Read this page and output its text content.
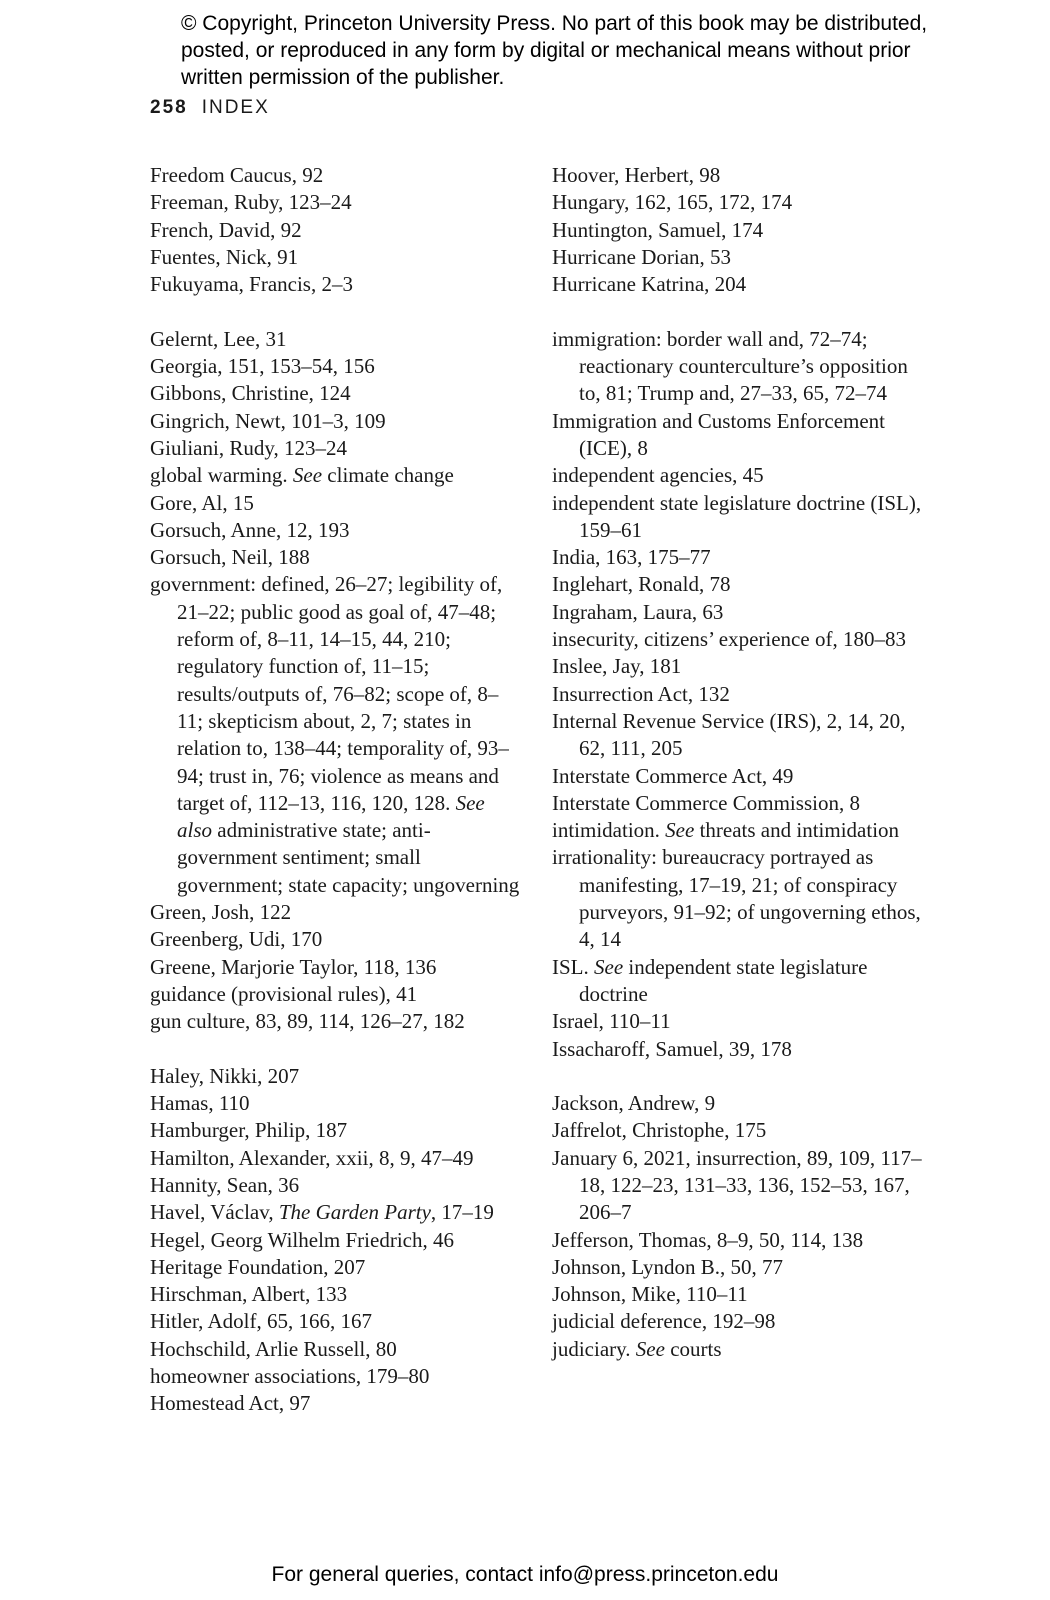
© Copyright, Princeton University Press. No part of this book may be distributed, posted, or reproduced in any form by digital or mechanical means without prior written permission of the publisher.
258 INDEX

Freedom Caucus, 92

Freeman, Ruby, 123–24

French, David, 92

Fuentes, Nick, 91

Fukuyama, Francis, 2–3

Gelernt, Lee, 31

Georgia, 151, 153–54, 156

Gibbons, Christine, 124

Gingrich, Newt, 101–3, 109

Giuliani, Rudy, 123–24

global warming. See climate change

Gore, Al, 15

Gorsuch, Anne, 12, 193

Gorsuch, Neil, 188

government: defined, 26–27; legibility of, 21–22; public good as goal of, 47–48; reform of, 8–11, 14–15, 44, 210; regulatory function of, 11–15; results/outputs of, 76–82; scope of, 8–11; skepticism about, 2, 7; states in relation to, 138–44; temporality of, 93–94; trust in, 76; violence as means and target of, 112–13, 116, 120, 128. See also administrative state; anti-government sentiment; small government; state capacity; ungoverning

Green, Josh, 122

Greenberg, Udi, 170

Greene, Marjorie Taylor, 118, 136

guidance (provisional rules), 41

gun culture, 83, 89, 114, 126–27, 182

Haley, Nikki, 207

Hamas, 110

Hamburger, Philip, 187

Hamilton, Alexander, xxii, 8, 9, 47–49

Hannity, Sean, 36

Havel, Václav, The Garden Party, 17–19

Hegel, Georg Wilhelm Friedrich, 46

Heritage Foundation, 207

Hirschman, Albert, 133

Hitler, Adolf, 65, 166, 167

Hochschild, Arlie Russell, 80

homeowner associations, 179–80

Homestead Act, 97

Hoover, Herbert, 98

Hungary, 162, 165, 172, 174

Huntington, Samuel, 174

Hurricane Dorian, 53

Hurricane Katrina, 204

immigration: border wall and, 72–74; reactionary counterculture’s opposition to, 81; Trump and, 27–33, 65, 72–74

Immigration and Customs Enforcement (ICE), 8

independent agencies, 45

independent state legislature doctrine (ISL), 159–61

India, 163, 175–77

Inglehart, Ronald, 78

Ingraham, Laura, 63

insecurity, citizens’ experience of, 180–83

Inslee, Jay, 181

Insurrection Act, 132

Internal Revenue Service (IRS), 2, 14, 20, 62, 111, 205

Interstate Commerce Act, 49

Interstate Commerce Commission, 8

intimidation. See threats and intimidation

irrationality: bureaucracy portrayed as manifesting, 17–19, 21; of conspiracy purveyors, 91–92; of ungoverning ethos, 4, 14

ISL. See independent state legislature doctrine

Israel, 110–11

Issacharoff, Samuel, 39, 178

Jackson, Andrew, 9

Jaffrelot, Christophe, 175

January 6, 2021, insurrection, 89, 109, 117–18, 122–23, 131–33, 136, 152–53, 167, 206–7

Jefferson, Thomas, 8–9, 50, 114, 138

Johnson, Lyndon B., 50, 77

Johnson, Mike, 110–11

judicial deference, 192–98

judiciary. See courts

For general queries, contact info@press.princeton.edu
